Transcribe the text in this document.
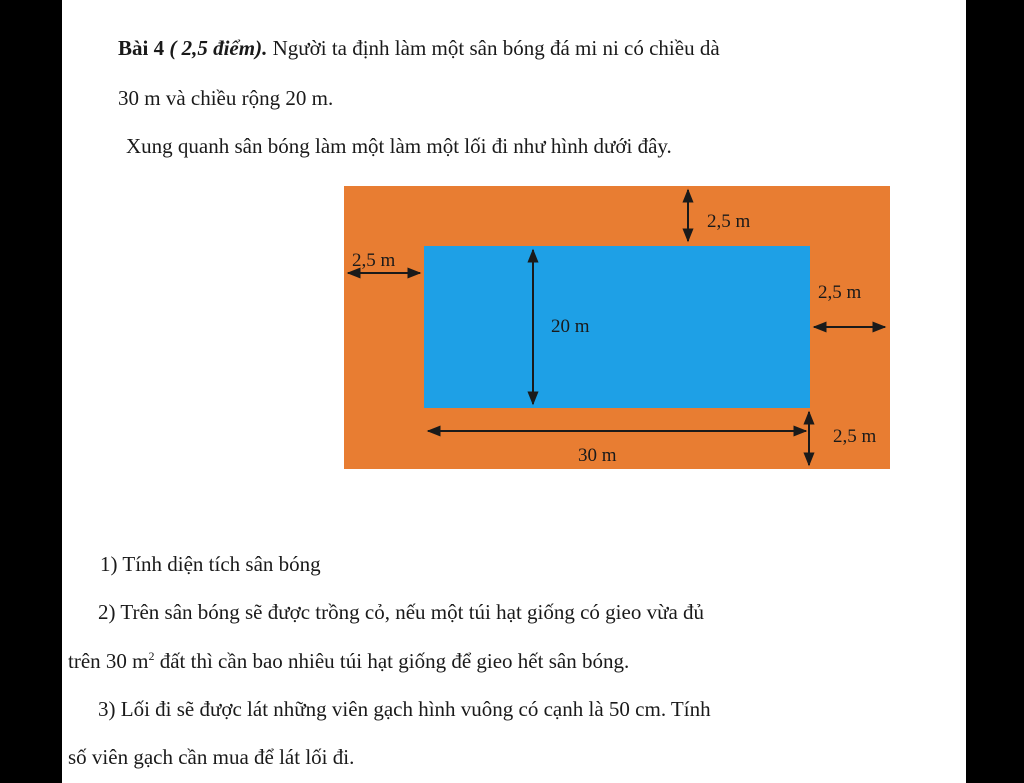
Bài 4 ( 2,5 điểm). Người ta định làm một sân bóng đá mi ni có chiều dà
30 m và chiều rộng 20 m.
Xung quanh sân bóng làm một làm một lối đi như hình dưới đây.
2,5 m
2,5 m
20 m
2,5 m
30 m
2,5 m
1) Tính diện tích sân bóng
2) Trên sân bóng sẽ được trồng cỏ, nếu một túi hạt giống có gieo vừa đủ
trên 30 $m^2$ đất thì cần bao nhiêu túi hạt giống để gieo hết sân bóng.
3) Lối đi sẽ được lát những viên gạch hình vuông có cạnh là 50 cm. Tính
số viên gạch cần mua để lát lối đi.
